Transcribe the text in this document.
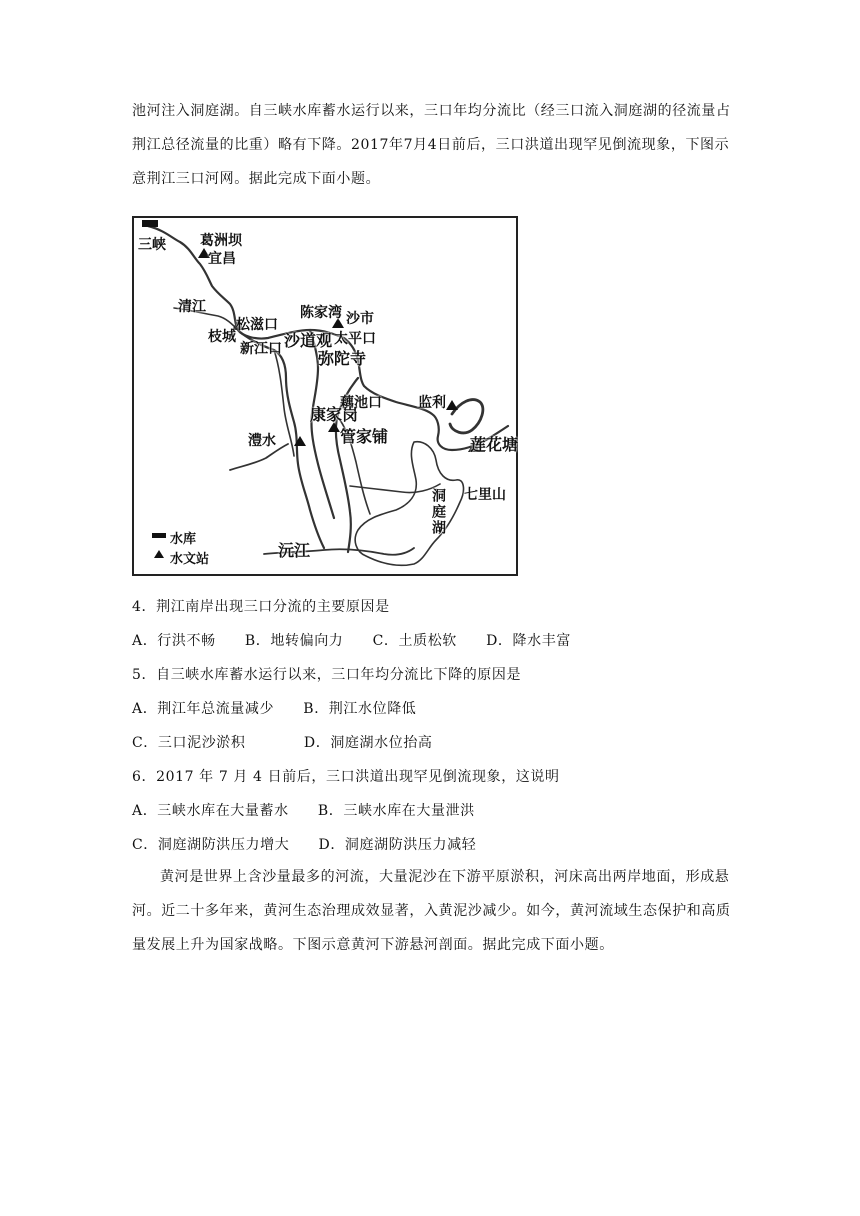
池河注入洞庭湖。自三峡水库蓄水运行以来，三口年均分流比（经三口流入洞庭湖的径流量占荆江总径流量的比重）略有下降。2017年7月4日前后，三口洪道出现罕见倒流现象，下图示意荆江三口河网。据此完成下面小题。

三峡 葛洲坝
宜昌
清江
枝城
松滋口
新江口
陈家湾 沙市
太平口
沙道观
弥陀寺
藕池口	监利
康家岗
管家铺
澧水	莲花塘
七里山
洞庭湖
沅江
水库
水文站
4．荆江南岸出现三口分流的主要原因是
A．行洪不畅　　B．地转偏向力　　C．土质松软　　D．降水丰富
5．自三峡水库蓄水运行以来，三口年均分流比下降的原因是
A．荆江年总流量减少　　B．荆江水位降低
C．三口泥沙淤积　　　　D．洞庭湖水位抬高
6．2017 年 7 月 4 日前后，三口洪道出现罕见倒流现象，这说明
A．三峡水库在大量蓄水　　B．三峡水库在大量泄洪
C．洞庭湖防洪压力增大　　D．洞庭湖防洪压力减轻

黄河是世界上含沙量最多的河流，大量泥沙在下游平原淤积，河床高出两岸地面，形成悬河。近二十多年来，黄河生态治理成效显著，入黄泥沙减少。如今，黄河流域生态保护和高质量发展上升为国家战略。下图示意黄河下游悬河剖面。据此完成下面小题。
